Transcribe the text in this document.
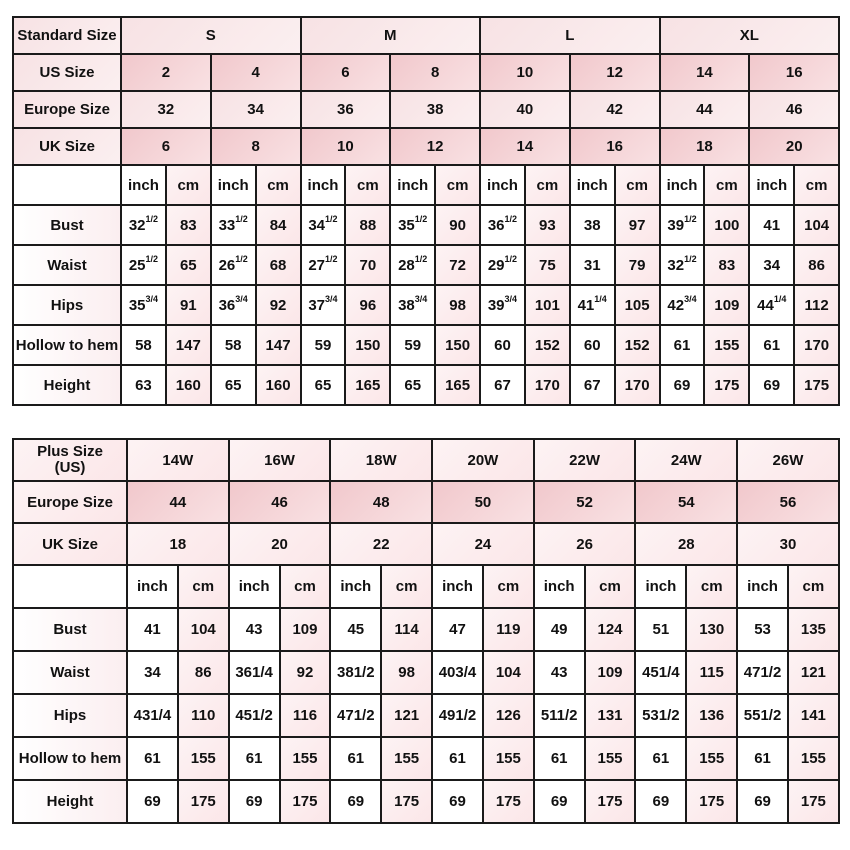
Standard Size	S				M				L				XL			
US Size	2		4		6		8		10		12		14		16	
Europe Size	32		34		36		38		40		42		44		46	
UK Size	6		8		10		12		14		16		18		20	
	inch	cm	inch	cm	inch	cm	inch	cm	inch	cm	inch	cm	inch	cm	inch	cm
Bust	$32^{1/2}$	83	$33^{1/2}$	84	$34^{1/2}$	88	$35^{1/2}$	90	$36^{1/2}$	93	38	97	$39^{1/2}$	100	41	104
Waist	$25^{1/2}$	65	$26^{1/2}$	68	$27^{1/2}$	70	$28^{1/2}$	72	$29^{1/2}$	75	31	79	$32^{1/2}$	83	34	86
Hips	$35^{3/4}$	91	$36^{3/4}$	92	$37^{3/4}$	96	$38^{3/4}$	98	$39^{3/4}$	101	$41^{1/4}$	105	$42^{3/4}$	109	$44^{1/4}$	112
Hollow to hem	58	147	58	147	59	150	59	150	60	152	60	152	61	155	61	170
Height	63	160	65	160	65	165	65	165	67	170	67	170	69	175	69	175
Plus Size
(US)	14W		16W		18W		20W		22W		24W		26W	
Europe Size	44		46		48		50		52		54		56	
UK Size	18		20		22		24		26		28		30	
	inch	cm	inch	cm	inch	cm	inch	cm	inch	cm	inch	cm	inch	cm
Bust	41	104	43	109	45	114	47	119	49	124	51	130	53	135
Waist	34	86	361/4	92	381/2	98	403/4	104	43	109	451/4	115	471/2	121
Hips	431/4	110	451/2	116	471/2	121	491/2	126	511/2	131	531/2	136	551/2	141
Hollow to hem	61	155	61	155	61	155	61	155	61	155	61	155	61	155
Height	69	175	69	175	69	175	69	175	69	175	69	175	69	175
